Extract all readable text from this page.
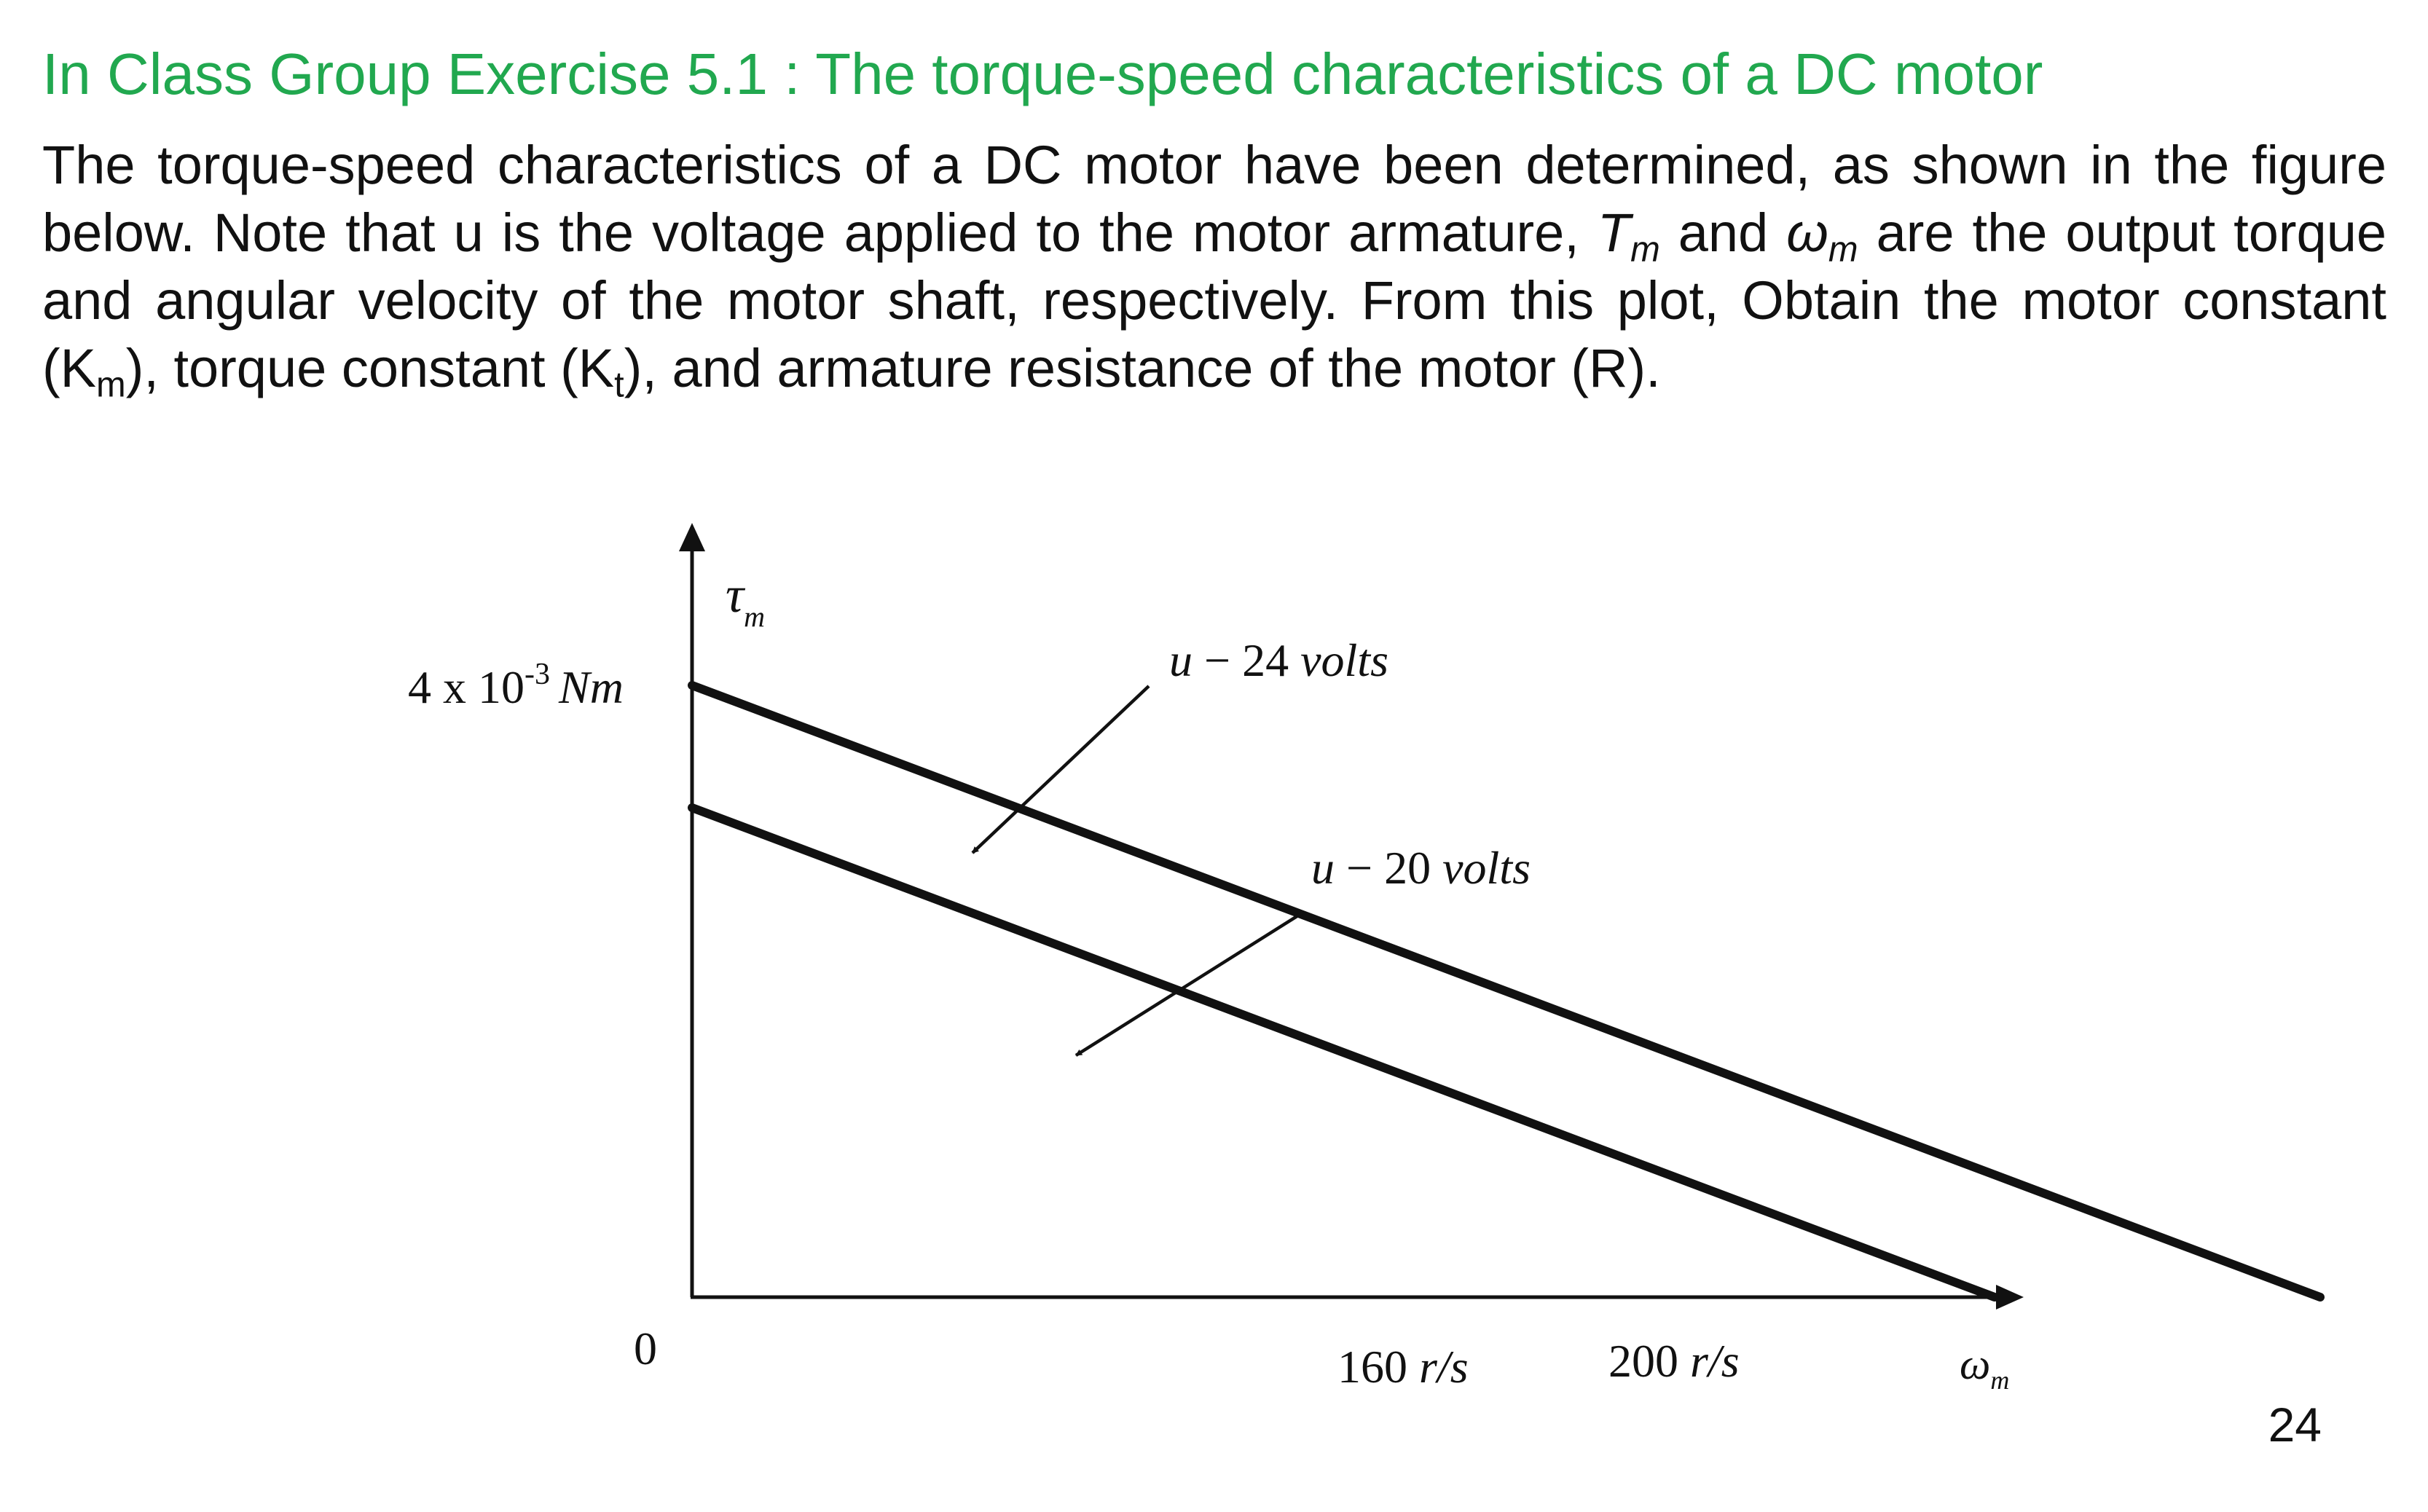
In Class Group Exercise 5.1 : The torque-speed characteristics of a DC motor

The torque-speed characteristics of a DC motor have been determined, as shown in the figure below. Note that u is the voltage applied to the motor armature, $T_m$ and $\omega_m$ are the output torque and angular velocity of the motor shaft, respectively. From this plot, Obtain the motor constant $(K_m)$, torque constant $(K_t)$, and armature resistance of the motor (R).

$\tau_m$
$\omega_m$
4 x $10^{-3}$ Nm
0	160 r/s	200 r/s
u − 24 volts
u − 20 volts
24
